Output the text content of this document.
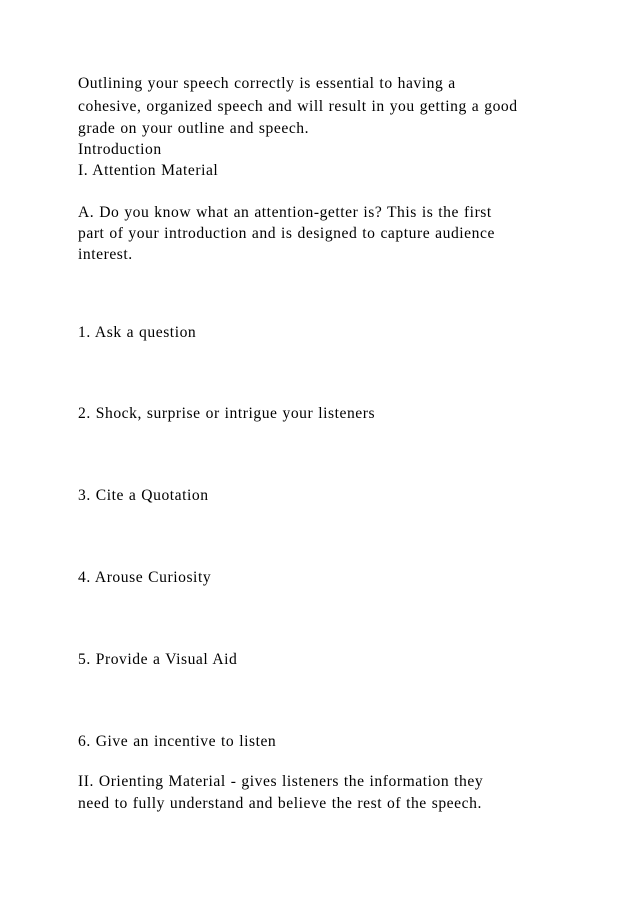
Outlining your speech correctly is essential to having a

cohesive, organized speech and will result in you getting a good

grade on your outline and speech.

Introduction

I. Attention Material

A. Do you know what an attention-getter is? This is the first

part of your introduction and is designed to capture audience

interest.

1. Ask a question

2. Shock, surprise or intrigue your listeners

3. Cite a Quotation

4. Arouse Curiosity

5. Provide a Visual Aid

6. Give an incentive to listen

II. Orienting Material - gives listeners the information they

need to fully understand and believe the rest of the speech.
